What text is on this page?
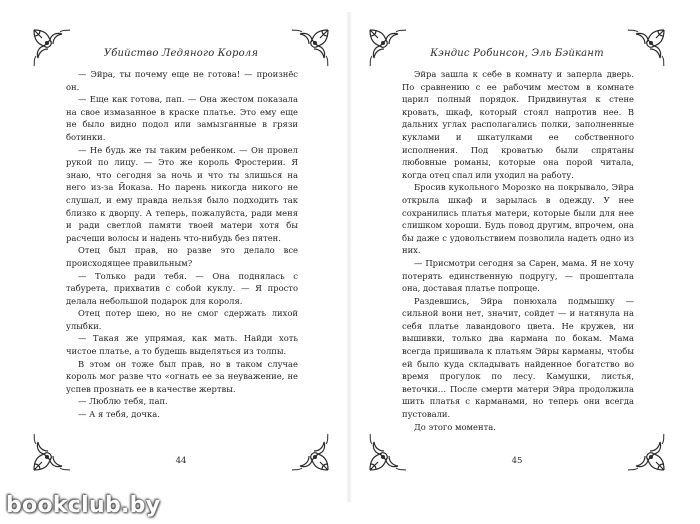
Убийство Ледяного Короля

— Эйра, ты почему еще не готова! — произнёс он.

— Еще как готова, пап. — Она жестом показала на свое измазанное в краске платье. Это ему еще не было видно подол или замызганные в грязи ботинки.

— Не будь же ты таким ребенком. — Он провел рукой по лицу. — Это же король Фростерии. Я знаю, что сегодня за ночь и что ты злишься на него из-за Йоказа. Но парень никогда никого не слушал, и ему правда нельзя было подходить так близко к дворцу. А теперь, пожалуйста, ради меня и ради светлой памяти твоей матери хотя бы расчеши волосы и надень что-нибудь без пятен.

Отец был прав, но разве это делало все происходящее правильным?

— Только ради тебя. — Она поднялась с табурета, прихватив с собой куклу. — Я просто делала небольшой подарок для короля.

Отец потер шею, но не смог сдержать лихой улыбки.

— Такая же упрямая, как мать. Найди хоть чистое платье, а то будешь выделяться из толпы.

В этом он тоже был прав, но в таком случае король мог разве что «огнать ее за неуважение, не успев прознать ее в качестве жертвы.

— Люблю тебя, пап.

— А я тебя, дочка.

44
Кэндис Робинсон, Эль Бэйкант

Эйра зашла к себе в комнату и заперла дверь. По сравнению с ее рабочим местом в комнате царил полный порядок. Придвинутая к стене кровать, шкаф, который стоял напротив нее. В дальних углах располагались полки, заполненные куклами и шкатулками ее собственного исполнения. Под кроватью были спрятаны любовные романы, которые она порой читала, когда отец спал или уходил на работу.

Бросив кукольного Морозко на покрывало, Эйра открыла шкаф и зарылась в одежду. У нее сохранились платья матери, которые были для нее слишком хороши. Будь повод другим, впрочем, она бы даже с удовольствием позволила надеть одно из них.

— Присмотри сегодня за Сарен, мама. Я не хочу потерять единственную подругу, — прошептала она, доставая платье попроще.

Раздевшись, Эйра понюхала подмышку — сильной вони нет, значит, сойдет — и натянула на себя платье лавандового цвета. Не кружев, ни вышивки, только два кармана по бокам. Мама всегда пришивала к платьям Эйры карманы, чтобы ей было куда складывать найденное богатство во время прогулок по лесу. Камушки, листья, веточки… После смерти матери Эйра продолжила шить платья с карманами, но теперь они всегда пустовали.

До этого момента.

45
bookclub.by
